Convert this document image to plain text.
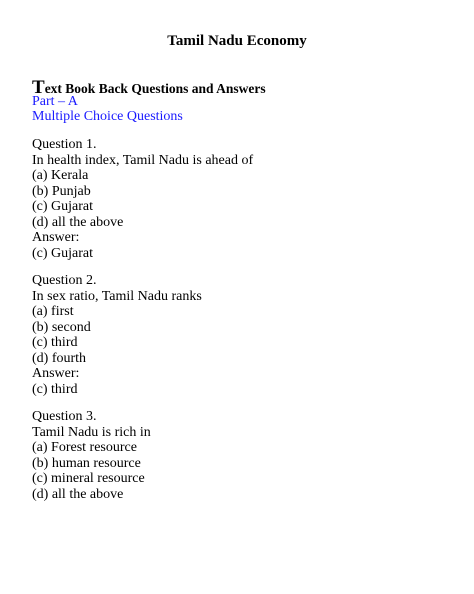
Tamil Nadu Economy
Text Book Back Questions and Answers
Part – A
Multiple Choice Questions
Question 1.
In health index, Tamil Nadu is ahead of
(a) Kerala
(b) Punjab
(c) Gujarat
(d) all the above
Answer:
(c) Gujarat
Question 2.
In sex ratio, Tamil Nadu ranks
(a) first
(b) second
(c) third
(d) fourth
Answer:
(c) third
Question 3.
Tamil Nadu is rich in
(a) Forest resource
(b) human resource
(c) mineral resource
(d) all the above
